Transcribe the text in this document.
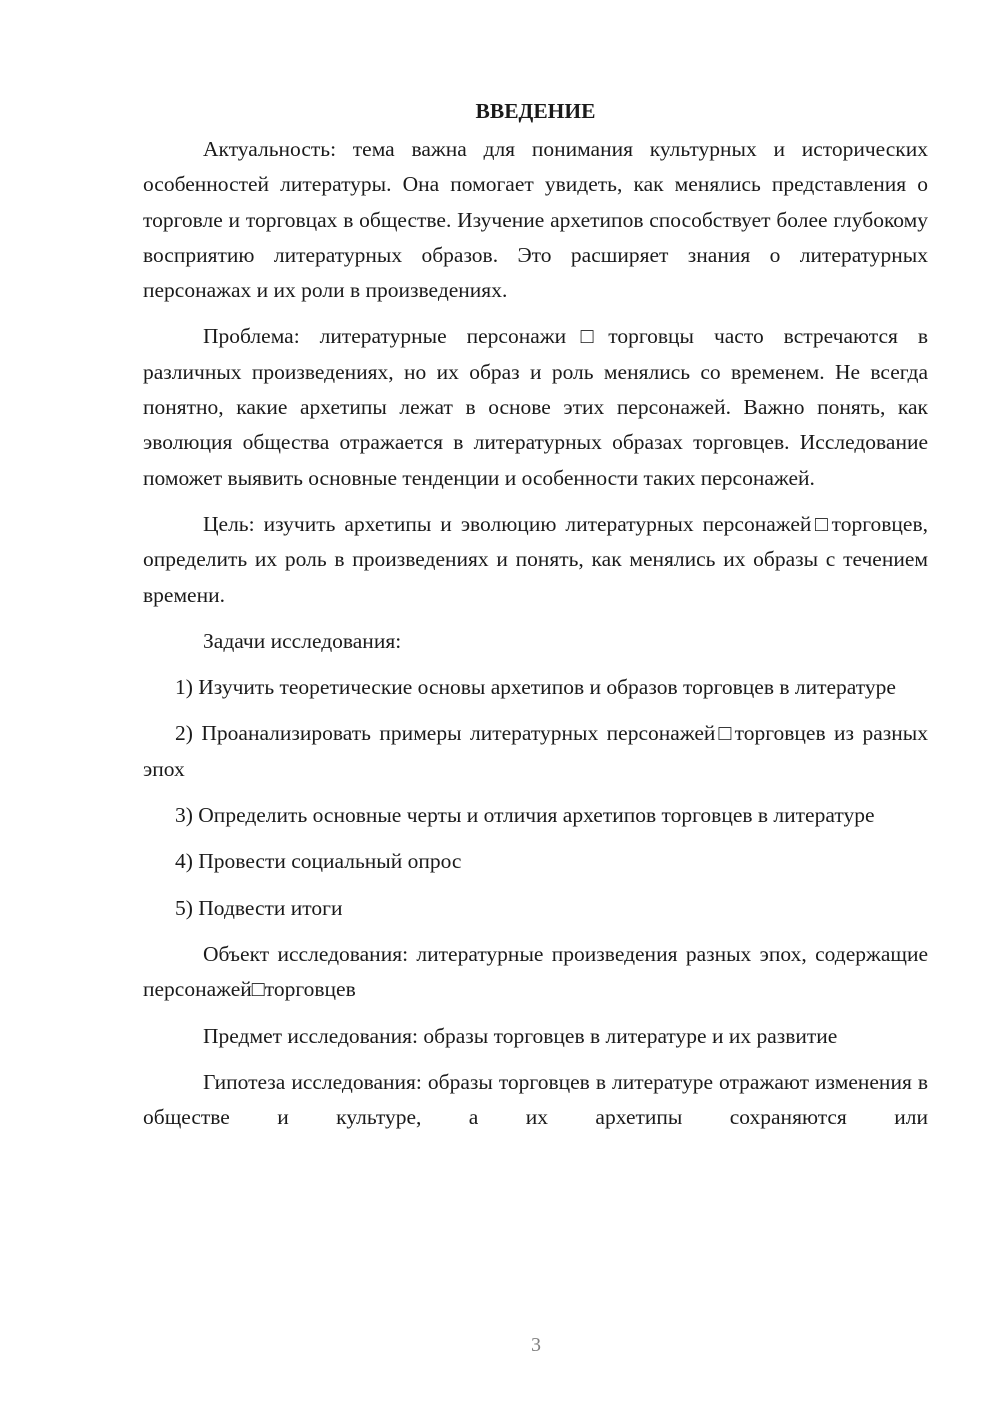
ВВЕДЕНИЕ

Актуальность: тема важна для понимания культурных и исторических особенностей литературы. Она помогает увидеть, как менялись представления о торговле и торговцах в обществе. Изучение архетипов способствует более глубокому восприятию литературных образов. Это расширяет знания о литературных персонажах и их роли в произведениях.

Проблема: литературные персонажи□торговцы часто встречаются в различных произведениях, но их образ и роль менялись со временем. Не всегда понятно, какие архетипы лежат в основе этих персонажей. Важно понять, как эволюция общества отражается в литературных образах торговцев. Исследование поможет выявить основные тенденции и особенности таких персонажей.

Цель: изучить архетипы и эволюцию литературных персонажей□торговцев, определить их роль в произведениях и понять, как менялись их образы с течением времени.

Задачи исследования:

1) Изучить теоретические основы архетипов и образов торговцев в литературе

2) Проанализировать примеры литературных персонажей□торговцев из разных эпох

3) Определить основные черты и отличия архетипов торговцев в литературе

4) Провести социальный опрос

5) Подвести итоги

Объект исследования: литературные произведения разных эпох, содержащие персонажей□торговцев

Предмет исследования: образы торговцев в литературе и их развитие

Гипотеза исследования: образы торговцев в литературе отражают изменения в обществе и культуре, а их архетипы сохраняются или

3
